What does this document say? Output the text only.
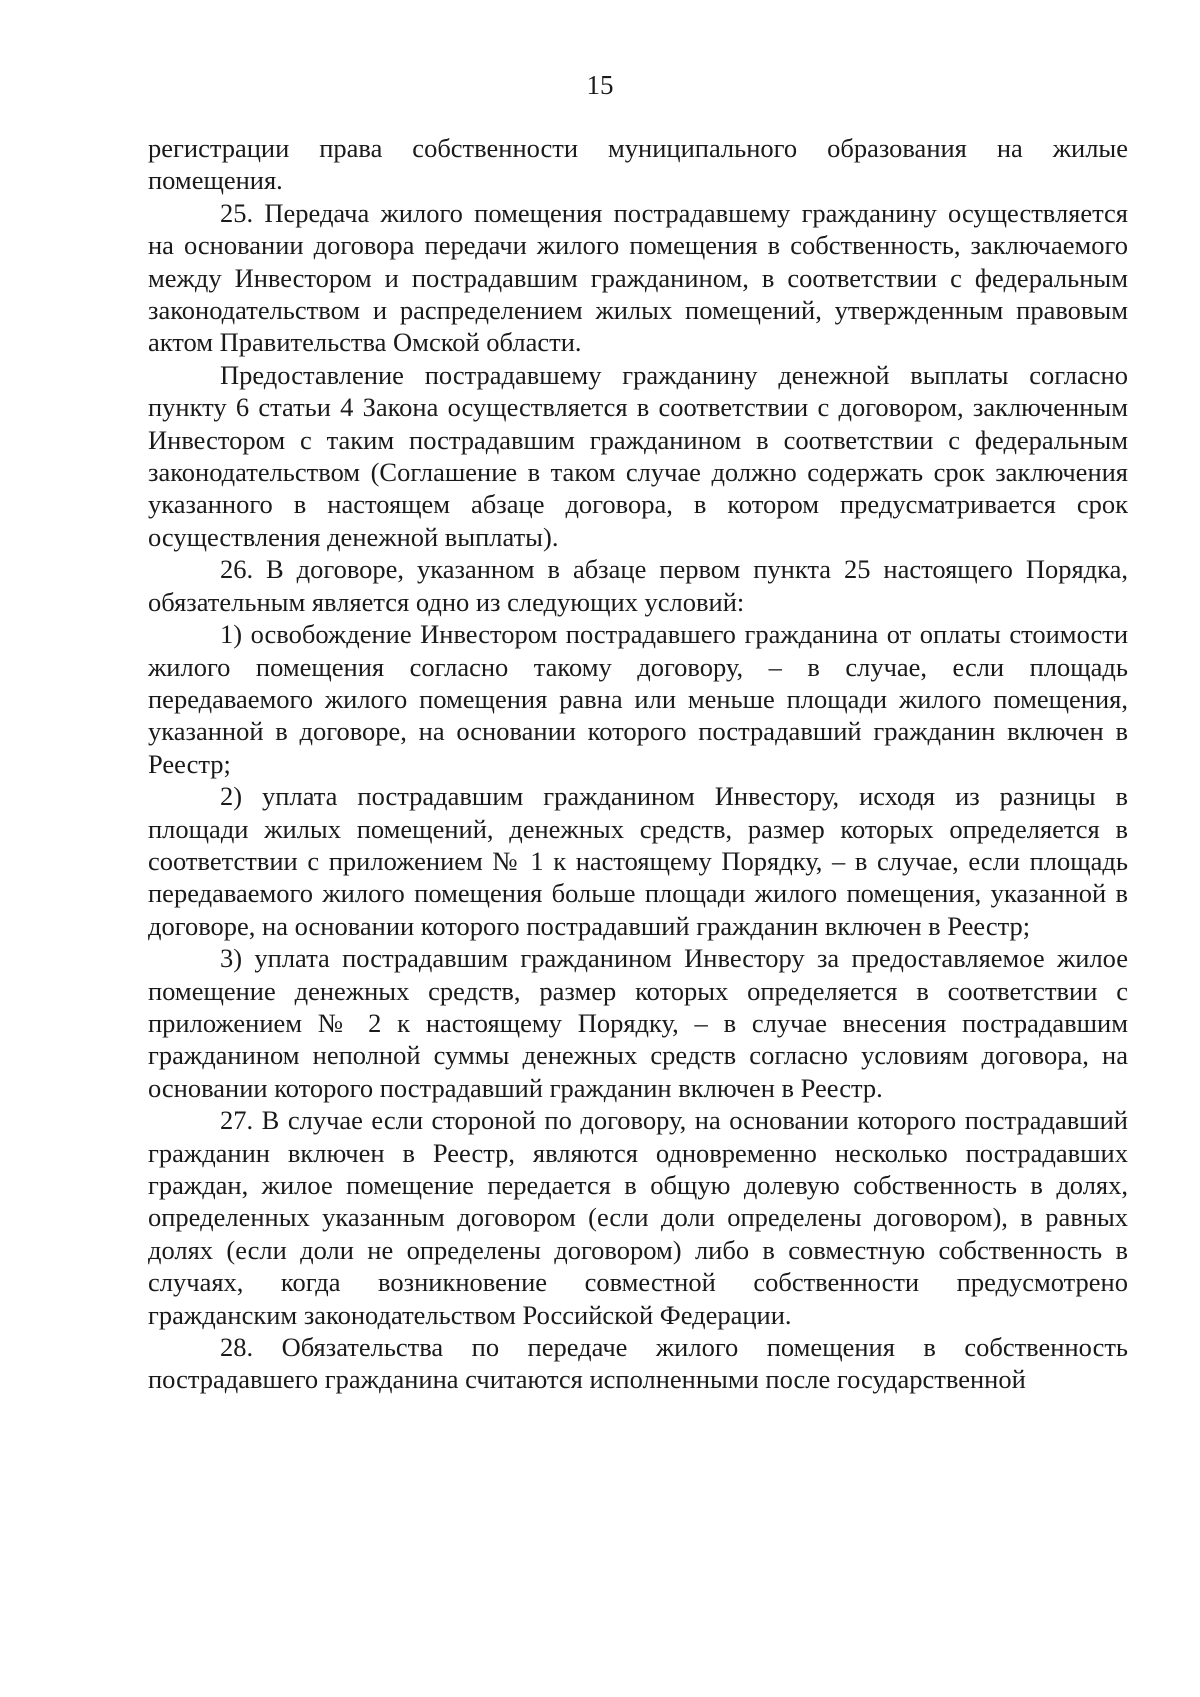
15

регистрации права собственности муниципального образования на жилые помещения.

25. Передача жилого помещения пострадавшему гражданину осуществляется на основании договора передачи жилого помещения в собственность, заключаемого между Инвестором и пострадавшим гражданином, в соответствии с федеральным законодательством и распределением жилых помещений, утвержденным правовым актом Правительства Омской области.

Предоставление пострадавшему гражданину денежной выплаты согласно пункту 6 статьи 4 Закона осуществляется в соответствии с договором, заключенным Инвестором с таким пострадавшим гражданином в соответствии с федеральным законодательством (Соглашение в таком случае должно содержать срок заключения указанного в настоящем абзаце договора, в котором предусматривается срок осуществления денежной выплаты).

26. В договоре, указанном в абзаце первом пункта 25 настоящего Порядка, обязательным является одно из следующих условий:

1) освобождение Инвестором пострадавшего гражданина от оплаты стоимости жилого помещения согласно такому договору, – в случае, если площадь передаваемого жилого помещения равна или меньше площади жилого помещения, указанной в договоре, на основании которого пострадавший гражданин включен в Реестр;

2) уплата пострадавшим гражданином Инвестору, исходя из разницы в площади жилых помещений, денежных средств, размер которых определяется в соответствии с приложением № 1 к настоящему Порядку, – в случае, если площадь передаваемого жилого помещения больше площади жилого помещения, указанной в договоре, на основании которого пострадавший гражданин включен в Реестр;

3) уплата пострадавшим гражданином Инвестору за предоставляемое жилое помещение денежных средств, размер которых определяется в соответствии с приложением № 2 к настоящему Порядку, – в случае внесения пострадавшим гражданином неполной суммы денежных средств согласно условиям договора, на основании которого пострадавший гражданин включен в Реестр.

27. В случае если стороной по договору, на основании которого пострадавший гражданин включен в Реестр, являются одновременно несколько пострадавших граждан, жилое помещение передается в общую долевую собственность в долях, определенных указанным договором (если доли определены договором), в равных долях (если доли не определены договором) либо в совместную собственность в случаях, когда возникновение совместной собственности предусмотрено гражданским законодательством Российской Федерации.

28. Обязательства по передаче жилого помещения в собственность пострадавшего гражданина считаются исполненными после государственной
